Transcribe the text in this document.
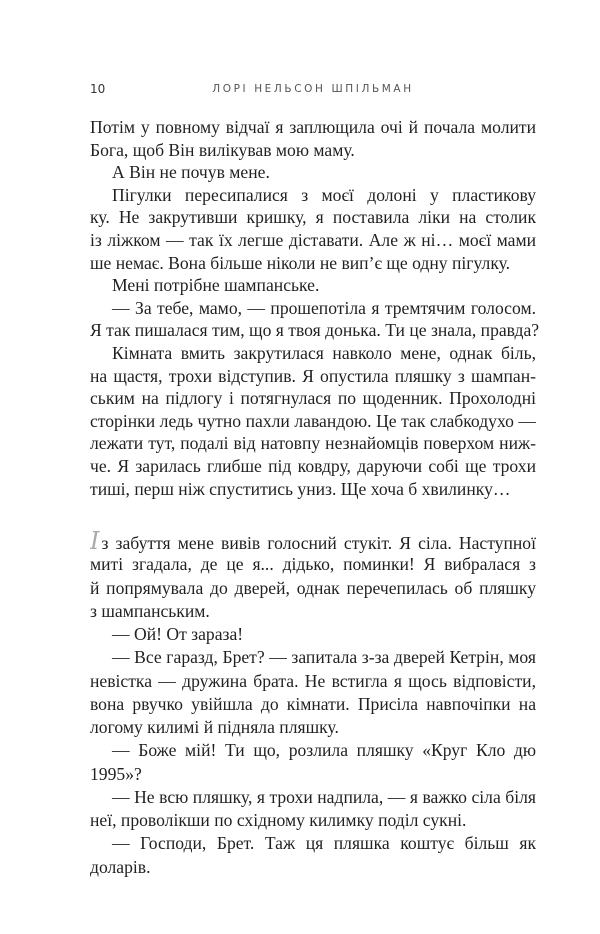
10	ЛОРІ НЕЛЬСОН ШПІЛЬМАН
Потім у повному відчаї я заплющила очі й почала молити
Бога, щоб Він вилікував мою маму.
А Він не почув мене.
Пігулки пересипалися з моєї долоні у пластикову
ку. Не закрутивши кришку, я поставила ліки на столик
із ліжком — так їх легше діставати. Але ж ні… моєї мами
ше немає. Вона більше ніколи не вип’є ще одну пігулку.
Мені потрібне шампанське.
— За тебе, мамо, — прошепотіла я тремтячим голосом.
Я так пишалася тим, що я твоя донька. Ти це знала, правда?
Кімната вмить закрутилася навколо мене, однак біль,
на щастя, трохи відступив. Я опустила пляшку з шампан-
ським на підлогу і потягнулася по щоденник. Прохолодні
сторінки ледь чутно пахли лавандою. Це так слабкодухо —
лежати тут, подалі від натовпу незнайомців поверхом ниж-
че. Я зарилась глибше під ковдру, даруючи собі ще трохи
тиші, перш ніж спуститись униз. Ще хоча б хвилинку…
І з забуття мене вивів голосний стукіт. Я сіла. Наступної
миті згадала, де це я... дідько, поминки! Я вибралася з
й попрямувала до дверей, однак перечепилась об пляшку
з шампанським.
— Ой! От зараза!
— Все гаразд, Брет? — запитала з-за дверей Кетрін, моя
невістка — дружина брата. Не встигла я щось відповісти,
вона рвучко увійшла до кімнати. Присіла навпочіпки на
логому килимі й підняла пляшку.
— Боже мій! Ти що, розлила пляшку «Круг Кло дю
1995»?
— Не всю пляшку, я трохи надпила, — я важко сіла біля
неї, проволікши по східному килимку поділ сукні.
— Господи, Брет. Таж ця пляшка коштує більш як
доларів.
